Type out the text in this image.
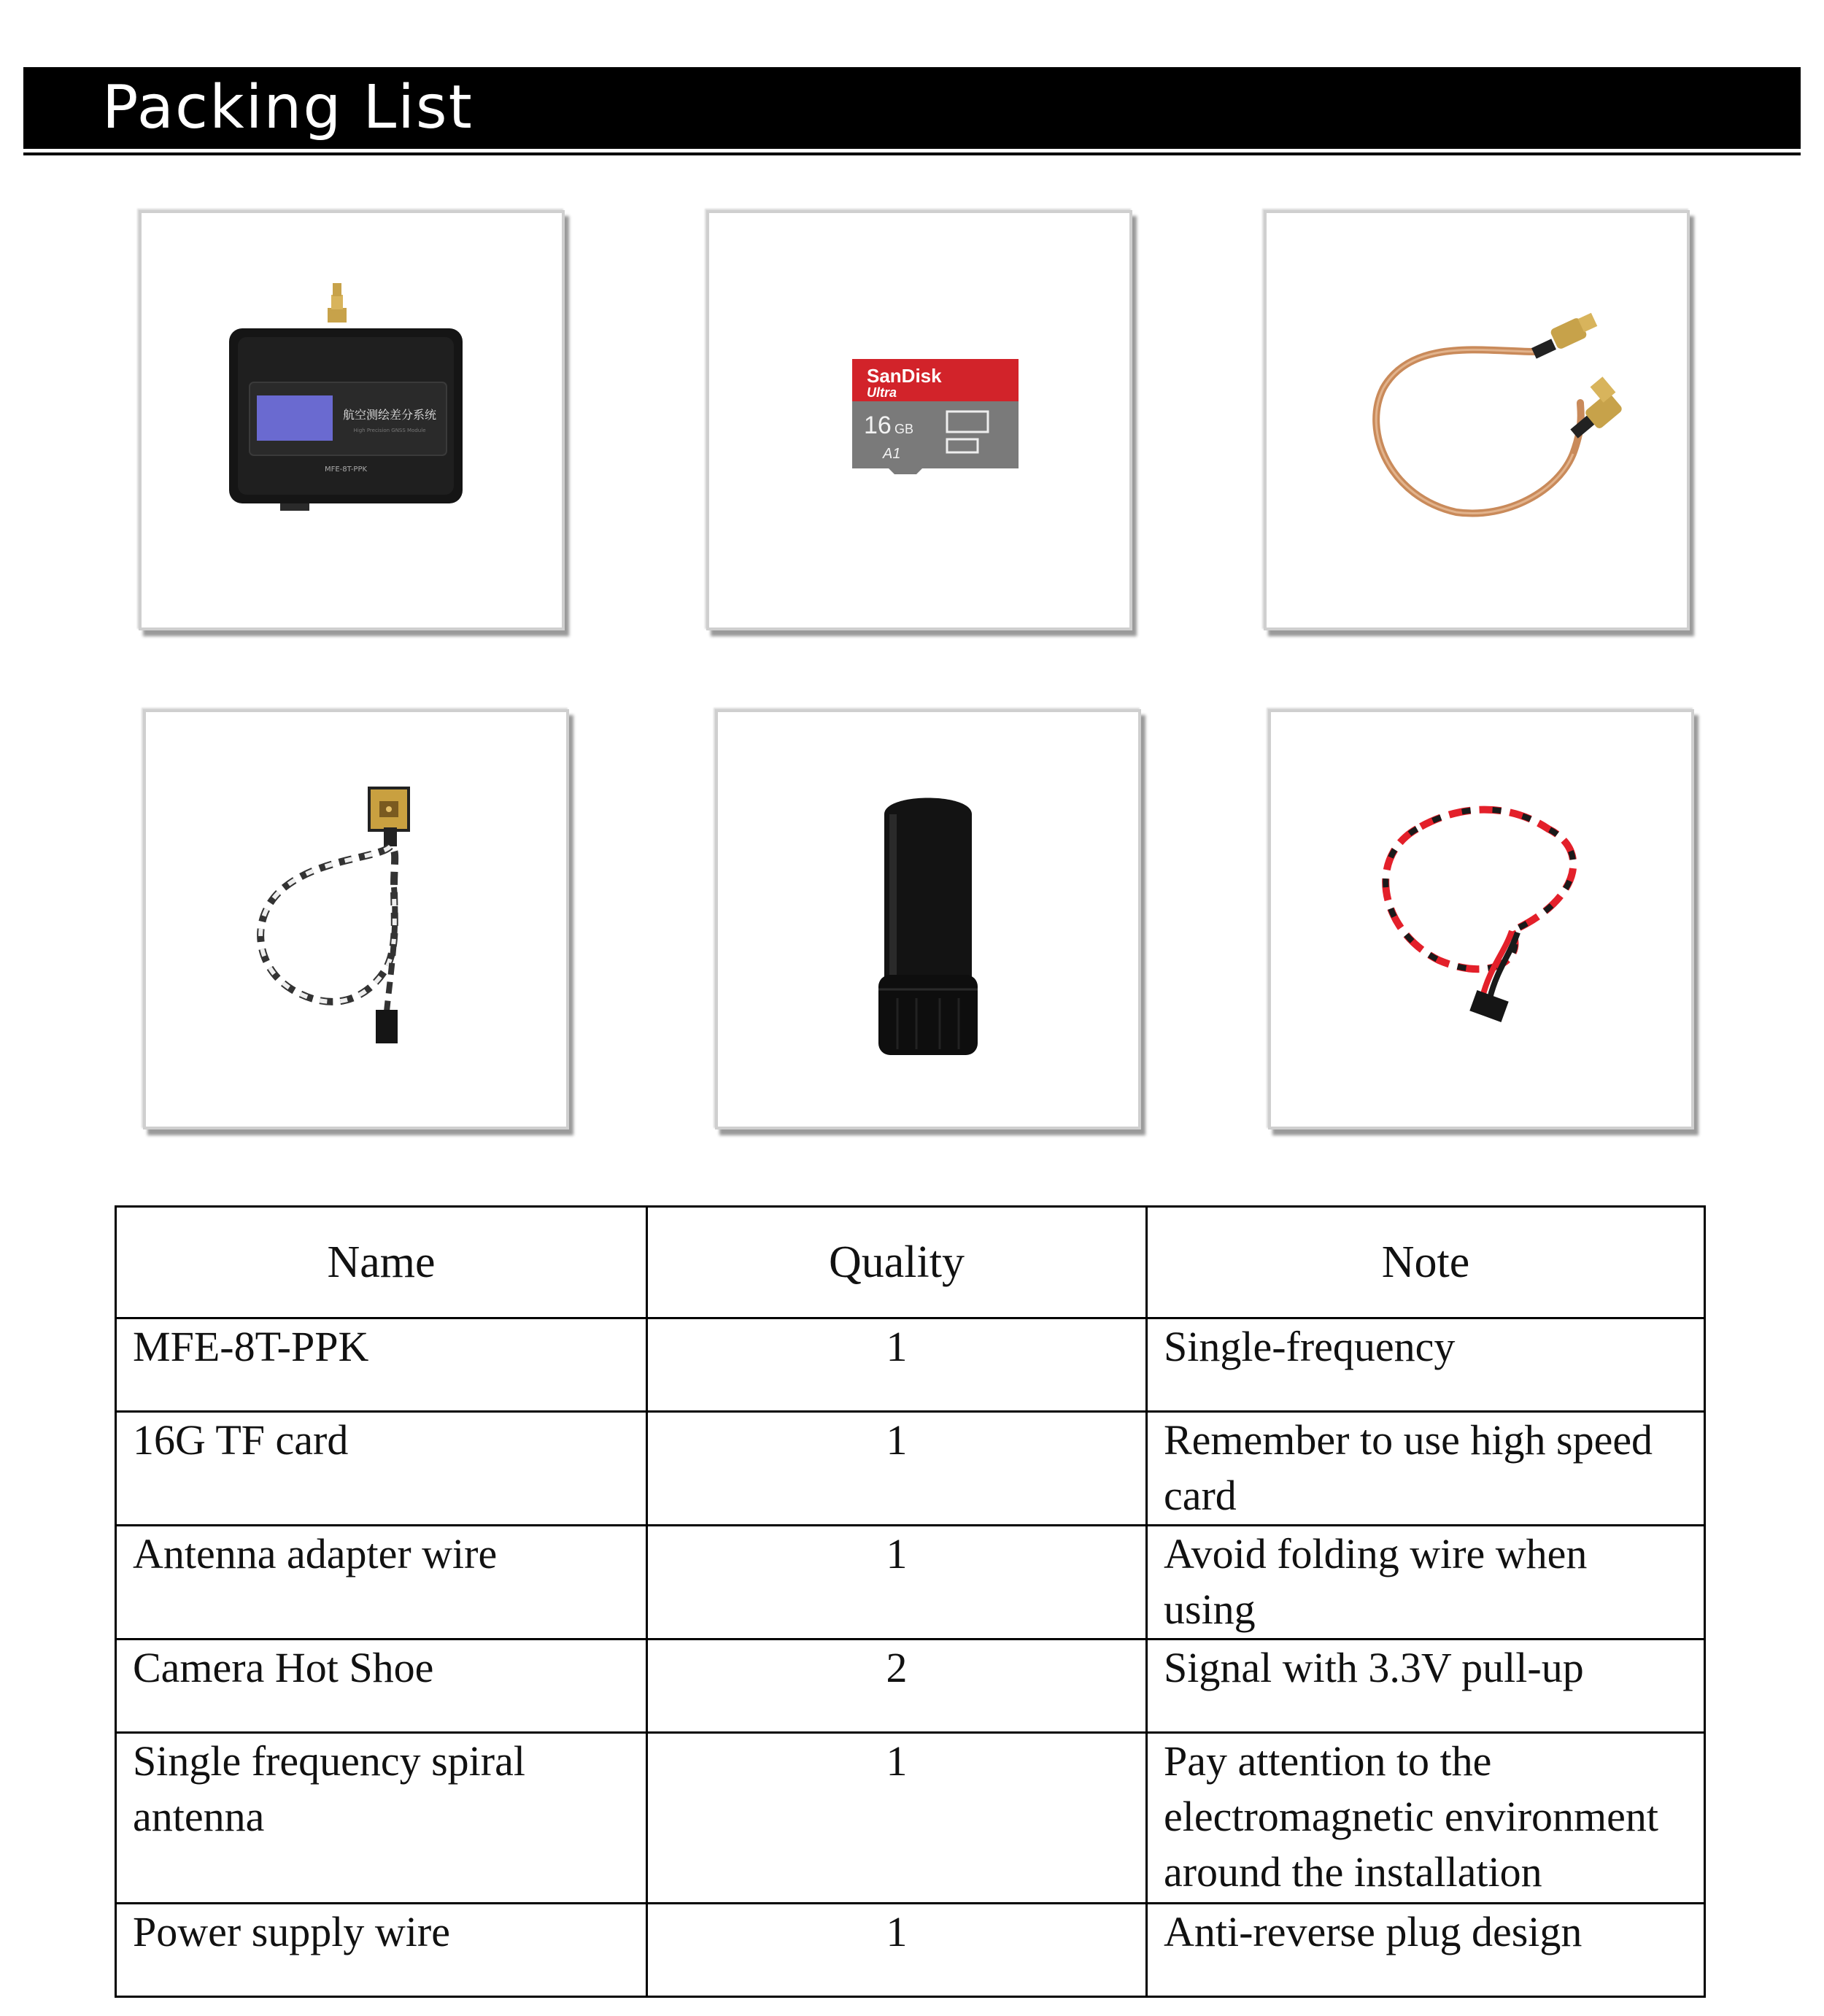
Packing List
航空测绘差分系统
High Precision GNSS Module
MFE-8T-PPK
SanDisk
Ultra
16 GB
A1
Name	Quality	Note
MFE-8T-PPK	1	Single-frequency
16G TF card	1	Remember to use high speed card
Antenna adapter wire	1	Avoid folding wire when using
Camera Hot Shoe	2	Signal with 3.3V pull-up
Single frequency spiral antenna	1	Pay attention to the electromagnetic environment around the installation
Power supply wire	1	Anti-reverse plug design
